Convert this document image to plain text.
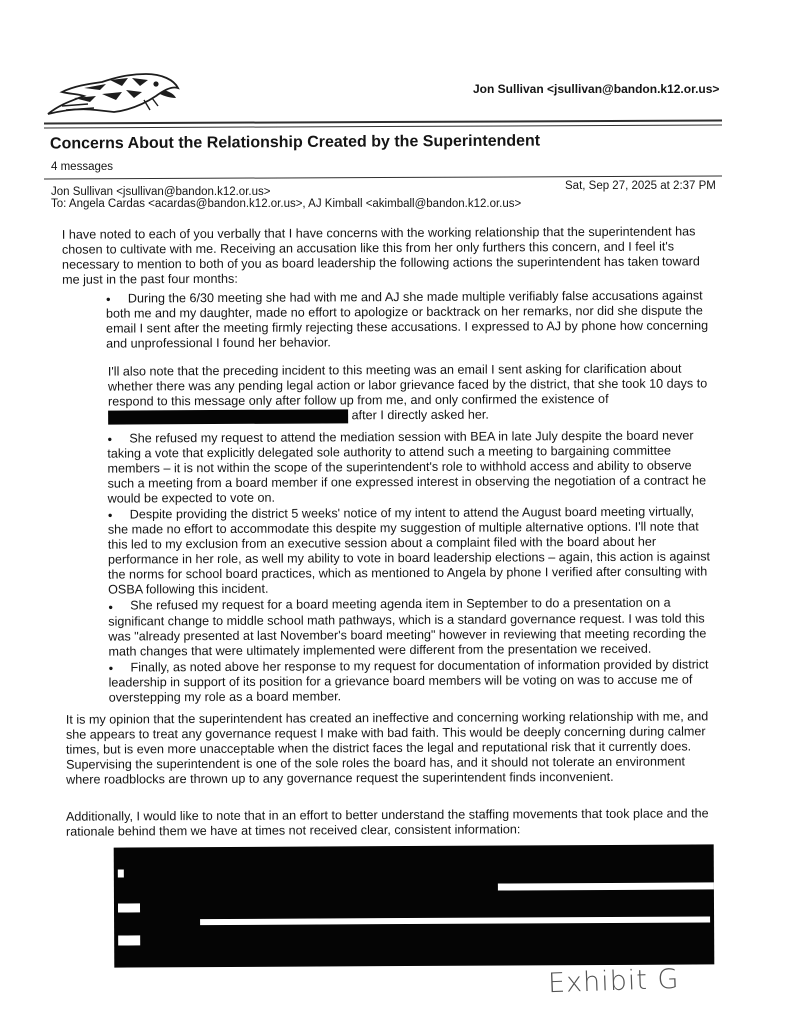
Jon Sullivan <jsullivan@bandon.k12.or.us>
Concerns About the Relationship Created by the Superintendent
4 messages
Jon Sullivan <jsullivan@bandon.k12.or.us>
To: Angela Cardas <acardas@bandon.k12.or.us>, AJ Kimball <akimball@bandon.k12.or.us>
Sat, Sep 27, 2025 at 2:37 PM
I have noted to each of you verbally that I have concerns with the working relationship that the superintendent has chosen to cultivate with me. Receiving an accusation like this from her only furthers this concern, and I feel it's necessary to mention to both of you as board leadership the following actions the superintendent has taken toward me just in the past four months:
● During the 6/30 meeting she had with me and AJ she made multiple verifiably false accusations against both me and my daughter, made no effort to apologize or backtrack on her remarks, nor did she dispute the email I sent after the meeting firmly rejecting these accusations. I expressed to AJ by phone how concerning and unprofessional I found her behavior.
I'll also note that the preceding incident to this meeting was an email I sent asking for clarification about whether there was any pending legal action or labor grievance faced by the district, that she took 10 days to respond to this message only after follow up from me, and only confirmed the existence of  after I directly asked her.
● She refused my request to attend the mediation session with BEA in late July despite the board never taking a vote that explicitly delegated sole authority to attend such a meeting to bargaining committee members – it is not within the scope of the superintendent's role to withhold access and ability to observe such a meeting from a board member if one expressed interest in observing the negotiation of a contract he would be expected to vote on.
● Despite providing the district 5 weeks' notice of my intent to attend the August board meeting virtually, she made no effort to accommodate this despite my suggestion of multiple alternative options. I'll note that this led to my exclusion from an executive session about a complaint filed with the board about her performance in her role, as well my ability to vote in board leadership elections – again, this action is against the norms for school board practices, which as mentioned to Angela by phone I verified after consulting with OSBA following this incident.
● She refused my request for a board meeting agenda item in September to do a presentation on a significant change to middle school math pathways, which is a standard governance request. I was told this was "already presented at last November's board meeting" however in reviewing that meeting recording the math changes that were ultimately implemented were different from the presentation we received.
● Finally, as noted above her response to my request for documentation of information provided by district leadership in support of its position for a grievance board members will be voting on was to accuse me of overstepping my role as a board member.
It is my opinion that the superintendent has created an ineffective and concerning working relationship with me, and she appears to treat any governance request I make with bad faith. This would be deeply concerning during calmer times, but is even more unacceptable when the district faces the legal and reputational risk that it currently does. Supervising the superintendent is one of the sole roles the board has, and it should not tolerate an environment where roadblocks are thrown up to any governance request the superintendent finds inconvenient.
Additionally, I would like to note that in an effort to better understand the staffing movements that took place and the rationale behind them we have at times not received clear, consistent information:
Exhibit G
